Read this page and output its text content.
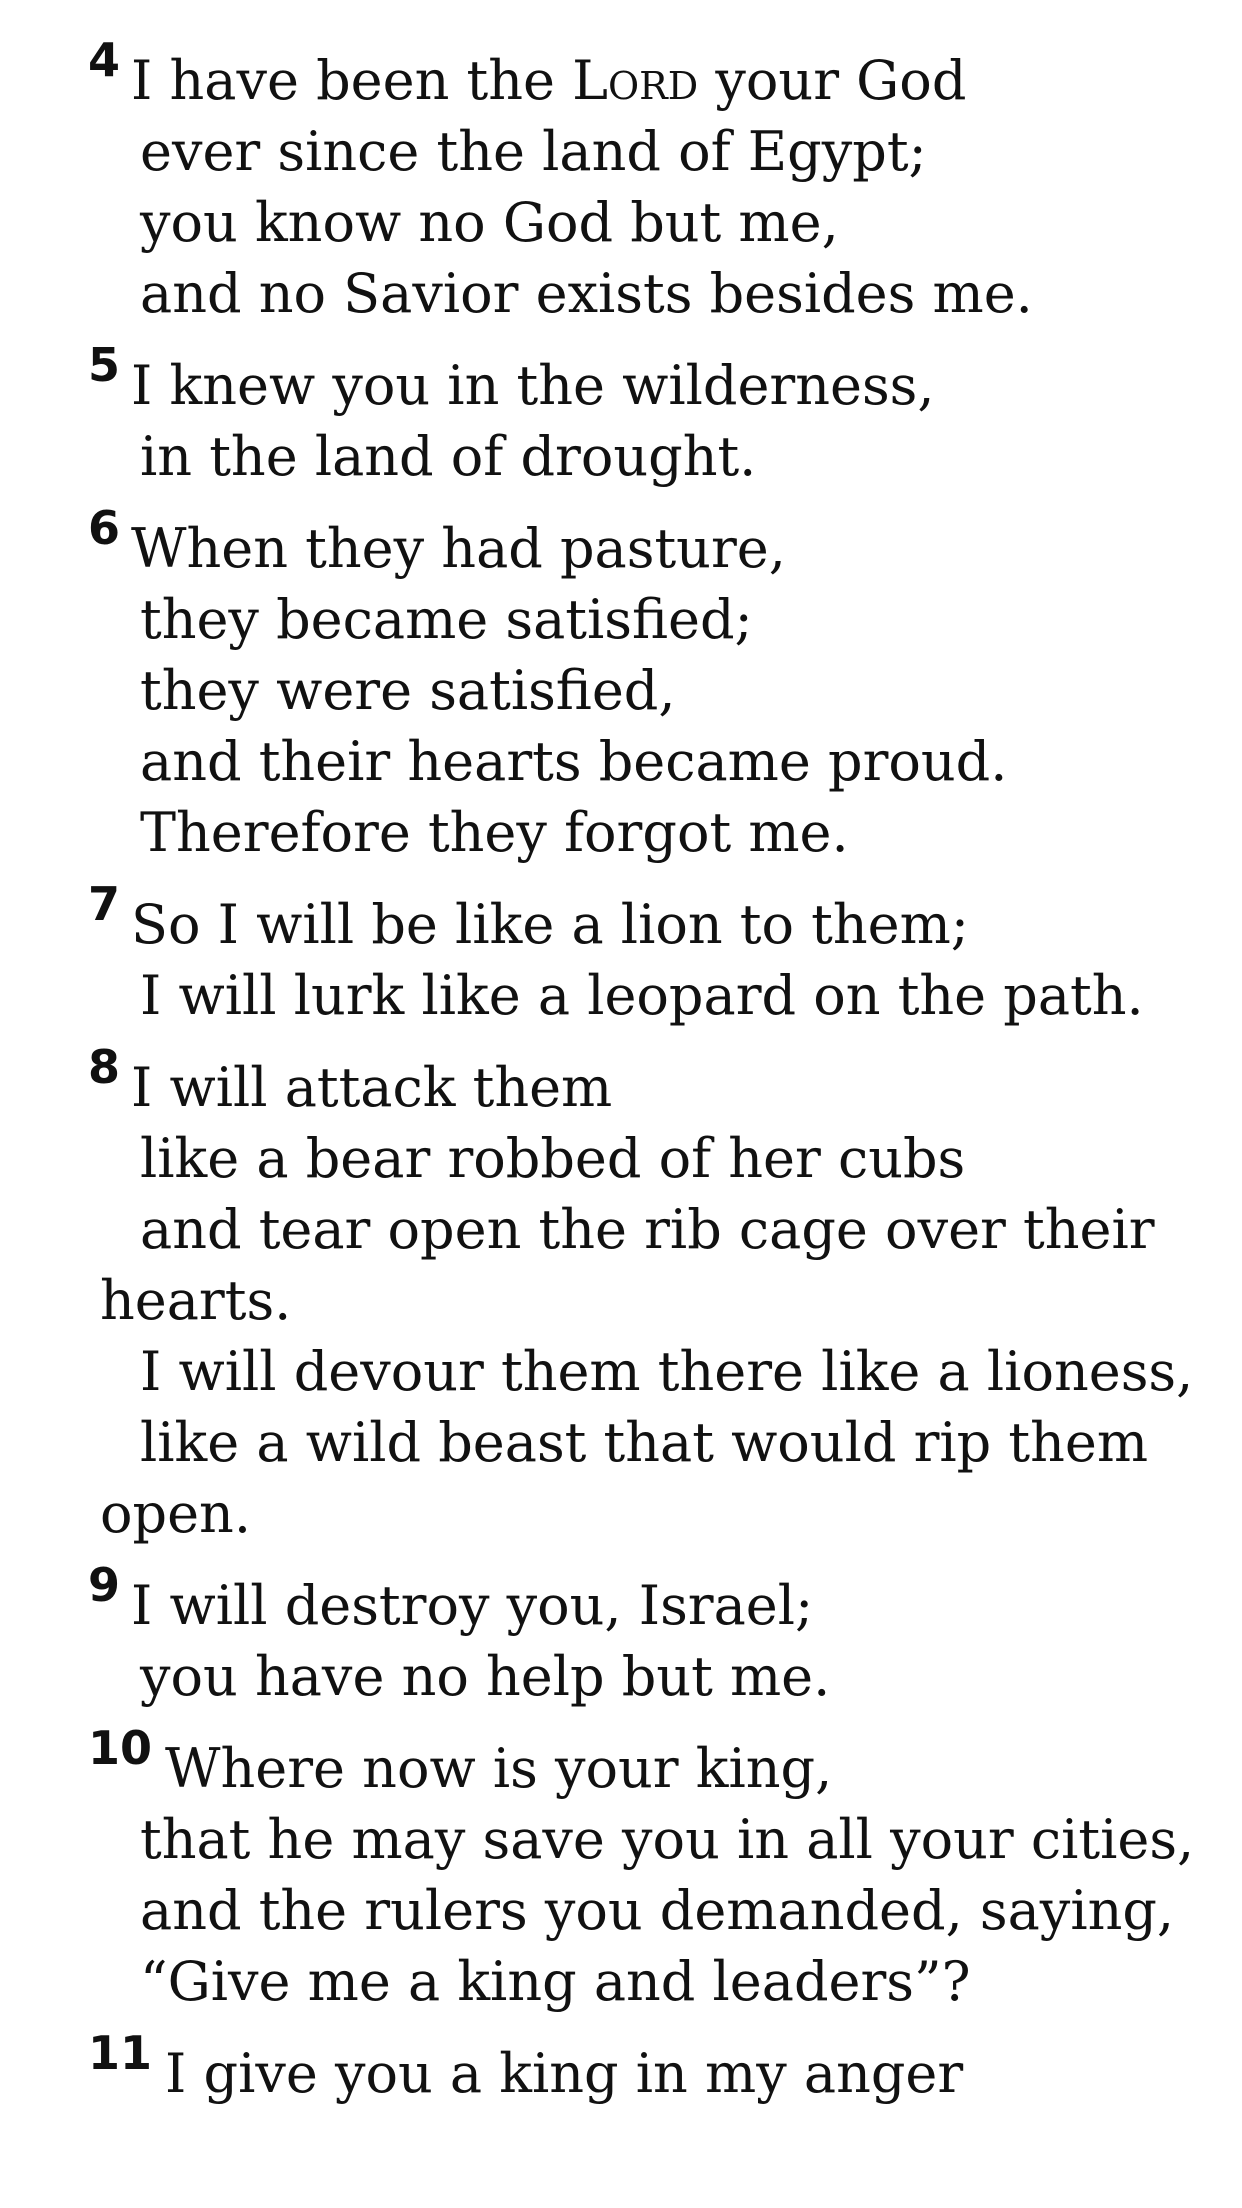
4 I have been the Lord your God
ever since the land of Egypt;
you know no God but me,
and no Savior exists besides me.
5 I knew you in the wilderness,
in the land of drought.
6 When they had pasture,
they became satisfied;
they were satisfied,
and their hearts became proud.
Therefore they forgot me.
7 So I will be like a lion to them;
I will lurk like a leopard on the path.
8 I will attack them
like a bear robbed of her cubs
and tear open the rib cage over their
hearts.
I will devour them there like a lioness,
like a wild beast that would rip them
open.
9 I will destroy you, Israel;
you have no help but me.
10 Where now is your king,
that he may save you in all your cities,
and the rulers you demanded, saying,
“Give me a king and leaders”?
11 I give you a king in my anger
